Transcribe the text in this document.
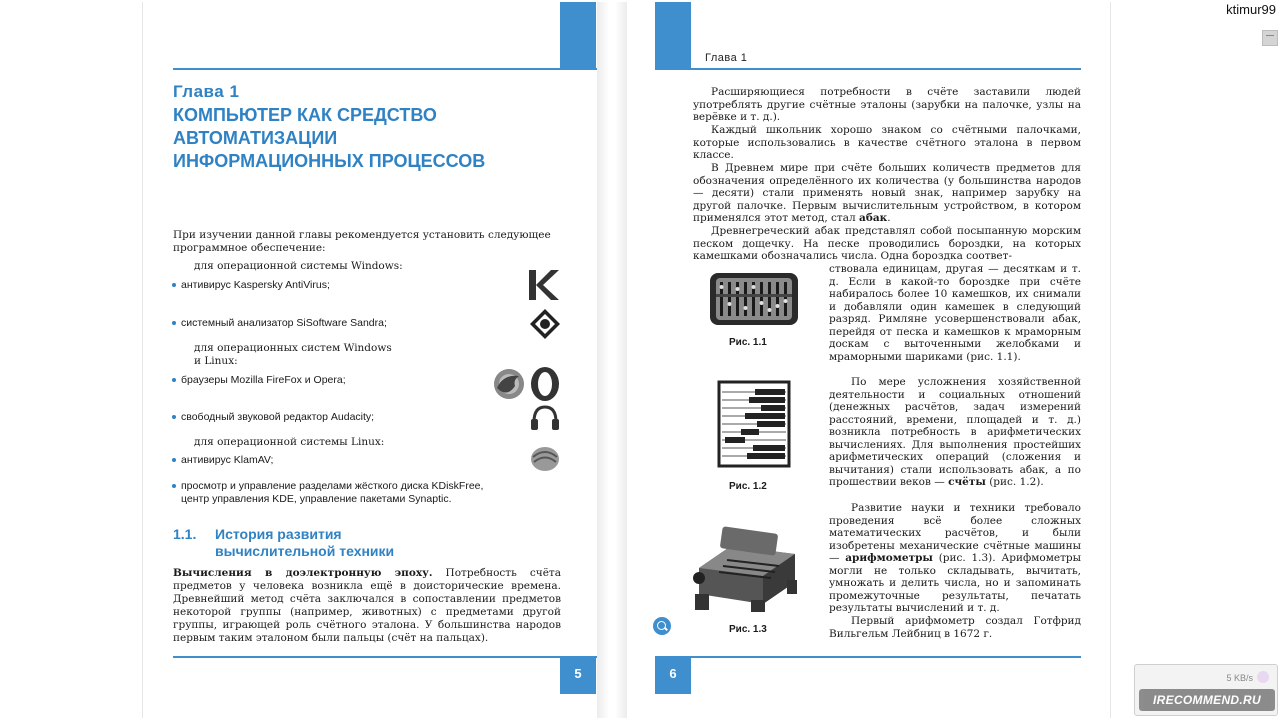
ktimur99
Глава 1
КОМПЬЮТЕР КАК СРЕДСТВО
АВТОМАТИЗАЦИИ
ИНФОРМАЦИОННЫХ ПРОЦЕССОВ
При изучении данной главы рекомендуется установить следующее программное обеспечение:
для операционной системы Windows:
антивирус Kaspersky AntiVirus;
системный анализатор SiSoftware Sandra;
для операционных систем Windows
и Linux:
браузеры Mozilla FireFox и Opera;
свободный звуковой редактор Audacity;
для операционной системы Linux:
антивирус KlamAV;
просмотр и управление разделами жёсткого диска KDiskFree,
центр управления KDE, управление пакетами Synaptic.
1.1. История развития
вычислительной техники
Вычисления в доэлектронную эпоху. Потребность счёта предметов у человека возникла ещё в доисторические времена. Древнейший метод счёта заключался в сопоставлении предметов некоторой группы (например, животных) с предметами другой группы, играющей роль счётного эталона. У большинства народов первым таким эталоном были пальцы (счёт на пальцах).
5
Глава 1
Расширяющиеся потребности в счёте заставили людей употреблять другие счётные эталоны (зарубки на палочке, узлы на верёвке и т. д.).
Каждый школьник хорошо знаком со счётными палочками, которые использовались в качестве счётного эталона в первом классе.
В Древнем мире при счёте больших количеств предметов для обозначения определённого их количества (у большинства народов — десяти) стали применять новый знак, например зарубку на другой палочке. Первым вычислительным устройством, в котором применялся этот метод, стал абак.
Древнегреческий абак представлял собой посыпанную морским песком дощечку. На песке проводились бороздки, на которых камешками обозначались числа. Одна бороздка соответ-
ствовала единицам, другая — десяткам и т. д. Если в какой-то бороздке при счёте набиралось более 10 камешков, их снимали и добавляли один камешек в следующий разряд. Римляне усовершенствовали абак, перейдя от песка и камешков к мраморным доскам с выточенными желобками и мраморными шариками (рис. 1.1).
По мере усложнения хозяйственной деятельности и социальных отношений (денежных расчётов, задач измерений расстояний, времени, площадей и т. д.) возникла потребность в арифметических вычислениях. Для выполнения простейших арифметических операций (сложения и вычитания) стали использовать абак, а по прошествии веков — счёты (рис. 1.2).
Развитие науки и техники требовало проведения всё более сложных математических расчётов, и были изобретены механические счётные машины — арифмометры (рис. 1.3). Арифмометры могли не только складывать, вычитать, умножать и делить числа, но и запоминать промежуточные результаты, печатать результаты вычислений и т. д.
Первый арифмометр создал Готфрид Вильгельм Лейбниц в 1672 г.
Рис. 1.1
Рис. 1.2
Рис. 1.3
6	5 KB/s
IRECOMMEND.RU
